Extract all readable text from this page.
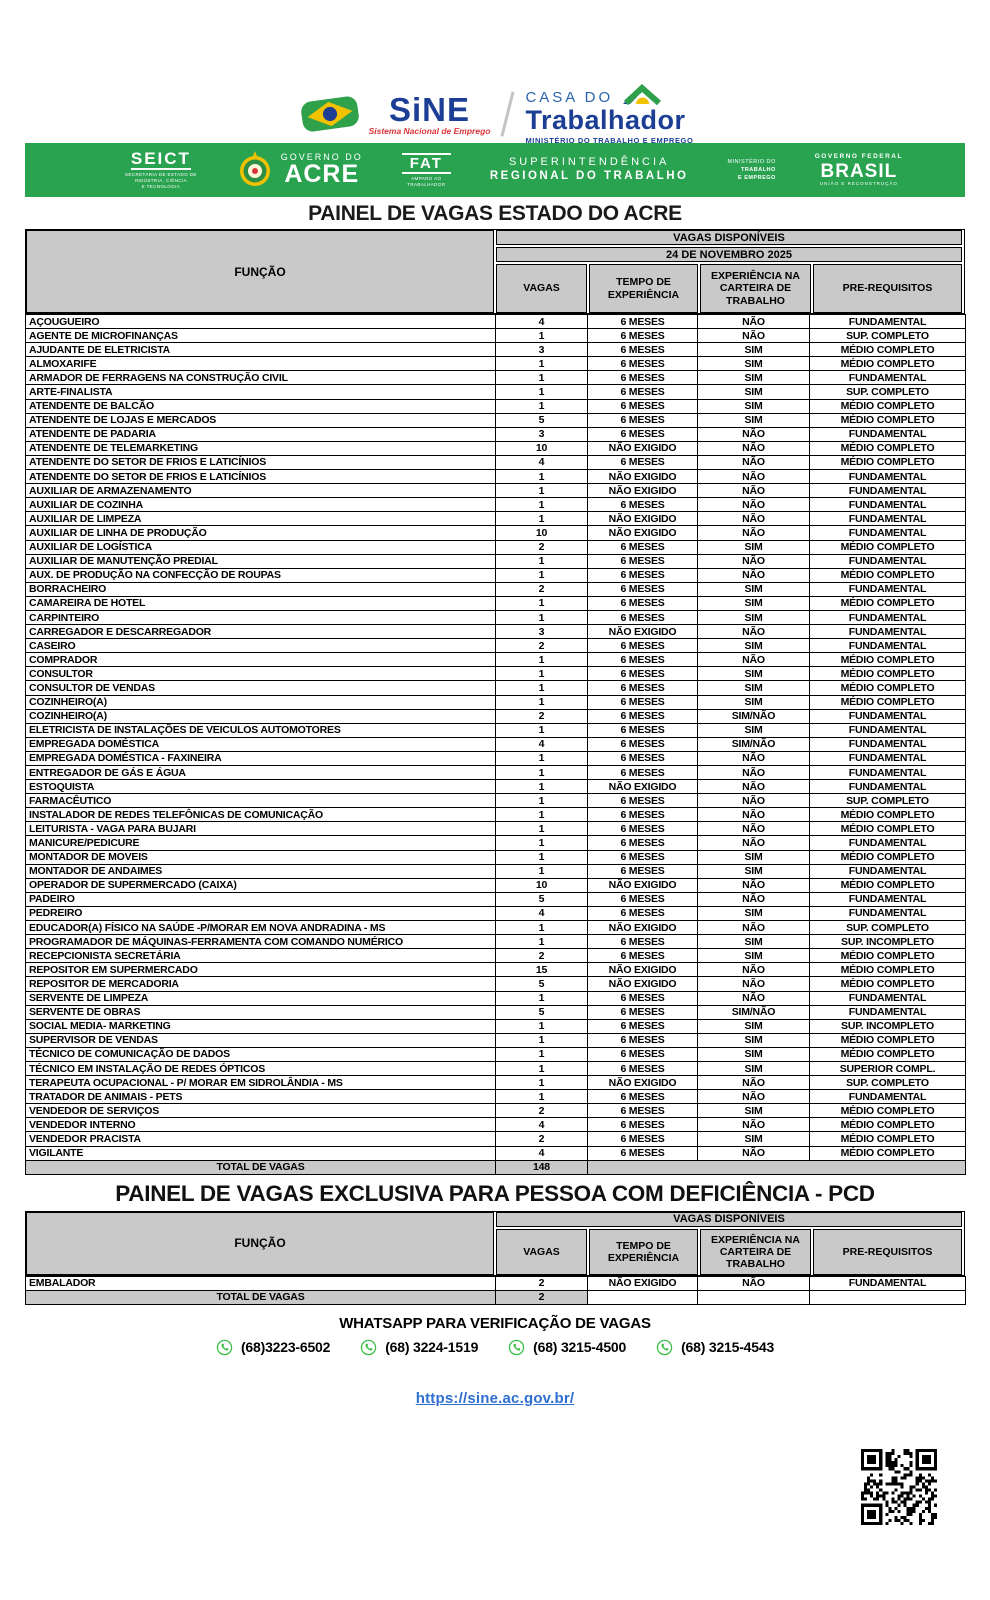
SiNE
Sistema Nacional de Emprego
CASA DO
Trabalhador
MINISTÉRIO DO TRABALHO E EMPREGO
SEICT
SECRETARIA DE ESTADO DE
INDÚSTRIA, CIÊNCIA
E TECNOLOGIA
GOVERNO DO
ACRE	FAT
AMPARO AO
TRABALHADOR
SUPERINTENDÊNCIA
REGIONAL DO TRABALHO
MINISTÉRIO DO
TRABALHO
E EMPREGO
GOVERNO FEDERAL
BRASIL
UNIÃO E RECONSTRUÇÃO
PAINEL DE VAGAS ESTADO DO ACRE
FUNÇÃO
VAGAS DISPONÍVEIS
24 DE NOVEMBRO 2025
VAGAS
TEMPO DE EXPERIÊNCIA
EXPERIÊNCIA NA CARTEIRA DE TRABALHO
PRE-REQUISITOS
AÇOUGUEIRO	4	6 MESES	NÃO	FUNDAMENTAL
AGENTE DE MICROFINANÇAS	1	6 MESES	NÃO	SUP. COMPLETO
AJUDANTE DE ELETRICISTA	3	6 MESES	SIM	MÉDIO COMPLETO
ALMOXARIFE	1	6 MESES	SIM	MÉDIO COMPLETO
ARMADOR DE FERRAGENS NA CONSTRUÇÃO CIVIL	1	6 MESES	SIM	FUNDAMENTAL
ARTE-FINALISTA	1	6 MESES	SIM	SUP. COMPLETO
ATENDENTE DE BALCÃO	1	6 MESES	SIM	MÉDIO COMPLETO
ATENDENTE DE LOJAS E MERCADOS	5	6 MESES	SIM	MÉDIO COMPLETO
ATENDENTE DE PADARIA	3	6 MESES	NÃO	FUNDAMENTAL
ATENDENTE DE TELEMARKETING	10	NÃO EXIGIDO	NÃO	MÉDIO COMPLETO
ATENDENTE DO SETOR DE FRIOS E LATICÍNIOS	4	6 MESES	NÃO	MÉDIO COMPLETO
ATENDENTE DO SETOR DE FRIOS E LATICÍNIOS	1	NÃO EXIGIDO	NÃO	FUNDAMENTAL
AUXILIAR DE ARMAZENAMENTO	1	NÃO EXIGIDO	NÃO	FUNDAMENTAL
AUXILIAR DE COZINHA	1	6 MESES	NÃO	FUNDAMENTAL
AUXILIAR DE LIMPEZA	1	NÃO EXIGIDO	NÃO	FUNDAMENTAL
AUXILIAR DE LINHA DE PRODUÇÃO	10	NÃO EXIGIDO	NÃO	FUNDAMENTAL
AUXILIAR DE LOGÍSTICA	2	6 MESES	SIM	MÉDIO COMPLETO
AUXILIAR DE MANUTENÇÃO PREDIAL	1	6 MESES	NÃO	FUNDAMENTAL
AUX. DE PRODUÇÃO NA CONFECÇÃO DE ROUPAS	1	6 MESES	NÃO	MÉDIO COMPLETO
BORRACHEIRO	2	6 MESES	SIM	FUNDAMENTAL
CAMAREIRA DE HOTEL	1	6 MESES	SIM	MÉDIO COMPLETO
CARPINTEIRO	1	6 MESES	SIM	FUNDAMENTAL
CARREGADOR E DESCARREGADOR	3	NÃO EXIGIDO	NÃO	FUNDAMENTAL
CASEIRO	2	6 MESES	SIM	FUNDAMENTAL
COMPRADOR	1	6 MESES	NÃO	MÉDIO COMPLETO
CONSULTOR	1	6 MESES	SIM	MÉDIO COMPLETO
CONSULTOR DE VENDAS	1	6 MESES	SIM	MÉDIO COMPLETO
COZINHEIRO(A)	1	6 MESES	SIM	MÉDIO COMPLETO
COZINHEIRO(A)	2	6 MESES	SIM/NÃO	FUNDAMENTAL
ELETRICISTA DE INSTALAÇÕES DE VEICULOS AUTOMOTORES	1	6 MESES	SIM	FUNDAMENTAL
EMPREGADA DOMÉSTICA	4	6 MESES	SIM/NÃO	FUNDAMENTAL
EMPREGADA DOMÉSTICA - FAXINEIRA	1	6 MESES	NÃO	FUNDAMENTAL
ENTREGADOR DE GÁS E ÁGUA	1	6 MESES	NÃO	FUNDAMENTAL
ESTOQUISTA	1	NÃO EXIGIDO	NÃO	FUNDAMENTAL
FARMACÊUTICO	1	6 MESES	NÃO	SUP. COMPLETO
INSTALADOR DE REDES TELEFÔNICAS DE COMUNICAÇÃO	1	6 MESES	NÃO	MÉDIO COMPLETO
LEITURISTA - VAGA PARA BUJARI	1	6 MESES	NÃO	MÉDIO COMPLETO
MANICURE/PEDICURE	1	6 MESES	NÃO	FUNDAMENTAL
MONTADOR DE MOVEIS	1	6 MESES	SIM	MÉDIO COMPLETO
MONTADOR DE ANDAIMES	1	6 MESES	SIM	FUNDAMENTAL
OPERADOR DE SUPERMERCADO (CAIXA)	10	NÃO EXIGIDO	NÃO	MÉDIO COMPLETO
PADEIRO	5	6 MESES	NÃO	FUNDAMENTAL
PEDREIRO	4	6 MESES	SIM	FUNDAMENTAL
EDUCADOR(A) FÍSICO NA SAÚDE -P/MORAR EM NOVA ANDRADINA - MS	1	NÃO EXIGIDO	NÃO	SUP. COMPLETO
PROGRAMADOR DE MÁQUINAS-FERRAMENTA COM COMANDO NUMÉRICO	1	6 MESES	SIM	SUP. INCOMPLETO
RECEPCIONISTA SECRETÁRIA	2	6 MESES	SIM	MÉDIO COMPLETO
REPOSITOR EM SUPERMERCADO	15	NÃO EXIGIDO	NÃO	MÉDIO COMPLETO
REPOSITOR DE MERCADORIA	5	NÃO EXIGIDO	NÃO	MÉDIO COMPLETO
SERVENTE DE LIMPEZA	1	6 MESES	NÃO	FUNDAMENTAL
SERVENTE DE OBRAS	5	6 MESES	SIM/NÃO	FUNDAMENTAL
SOCIAL MEDIA- MARKETING	1	6 MESES	SIM	SUP. INCOMPLETO
SUPERVISOR DE VENDAS	1	6 MESES	SIM	MÉDIO COMPLETO
TÉCNICO DE COMUNICAÇÃO DE DADOS	1	6 MESES	SIM	MÉDIO COMPLETO
TÉCNICO EM INSTALAÇÃO DE REDES ÓPTICOS	1	6 MESES	SIM	SUPERIOR COMPL.
TERAPEUTA OCUPACIONAL - P/ MORAR EM SIDROLÂNDIA - MS	1	NÃO EXIGIDO	NÃO	SUP. COMPLETO
TRATADOR DE ANIMAIS - PETS	1	6 MESES	NÃO	FUNDAMENTAL
VENDEDOR DE SERVIÇOS	2	6 MESES	SIM	MÉDIO COMPLETO
VENDEDOR INTERNO	4	6 MESES	NÃO	MÉDIO COMPLETO
VENDEDOR PRACISTA	2	6 MESES	SIM	MÉDIO COMPLETO
VIGILANTE	4	6 MESES	NÃO	MÉDIO COMPLETO
TOTAL DE VAGAS	148			
PAINEL DE VAGAS EXCLUSIVA PARA PESSOA COM DEFICIÊNCIA - PCD
FUNÇÃO
VAGAS DISPONÍVEIS
VAGAS
TEMPO DE EXPERIÊNCIA
EXPERIÊNCIA NA CARTEIRA DE TRABALHO
PRE-REQUISITOS
EMBALADOR	2	NÃO EXIGIDO	NÃO	FUNDAMENTAL
TOTAL DE VAGAS	2			
WHATSAPP PARA VERIFICAÇÃO DE VAGAS
(68)3223-6502	(68) 3224-1519	(68) 3215-4500	(68) 3215-4543
https://sine.ac.gov.br/
